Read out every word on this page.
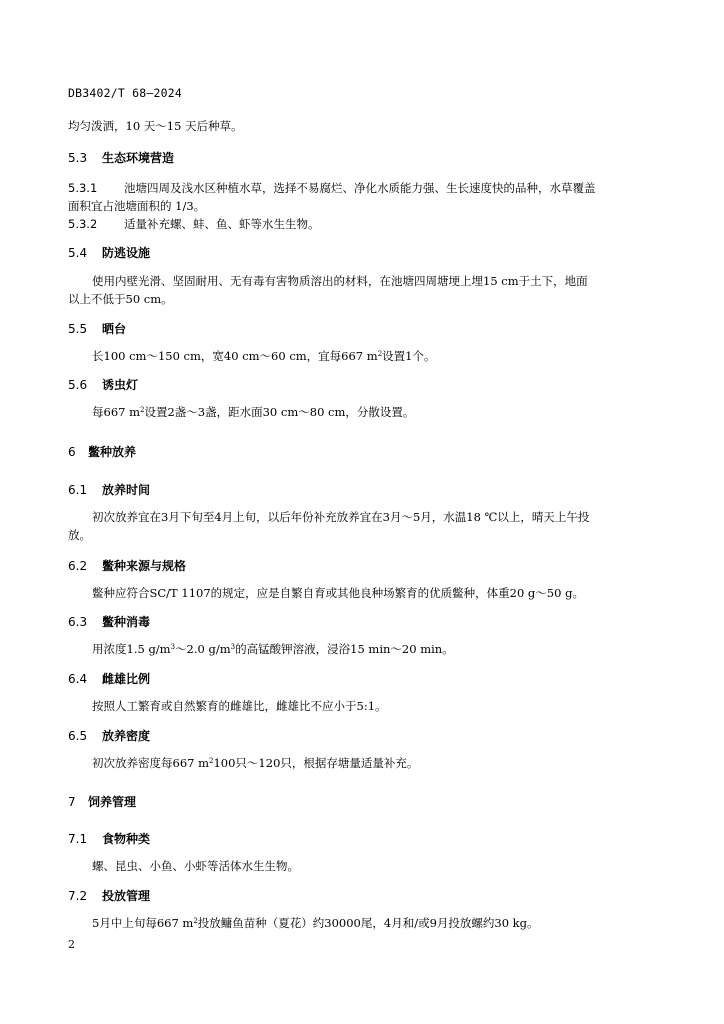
DB3402/T 68—2024
均匀泼洒，10 天～15 天后种草。
5.3 生态环境营造
5.3.1 池塘四周及浅水区种植水草，选择不易腐烂、净化水质能力强、生长速度快的品种，水草覆盖
面积宜占池塘面积的 1/3。
5.3.2 适量补充螺、蚌、鱼、虾等水生生物。
5.4 防逃设施
使用内壁光滑、坚固耐用、无有毒有害物质溶出的材料，在池塘四周塘埂上埋15 cm于土下，地面
以上不低于50 cm。
5.5 晒台
长100 cm～150 cm，宽40 cm～60 cm，宜每667 $m^2$设置1个。
5.6 诱虫灯
每667 $m^2$设置2盏～3盏，距水面30 cm～80 cm，分散设置。
6 鳖种放养
6.1 放养时间
初次放养宜在3月下旬至4月上旬，以后年份补充放养宜在3月～5月，水温18 ℃以上，晴天上午投
放。
6.2 鳖种来源与规格
鳖种应符合SC/T 1107的规定，应是自繁自育或其他良种场繁育的优质鳖种，体重20 g～50 g。
6.3 鳖种消毒
用浓度1.5 $g/m^3\sim 2.0$ $g/m^3$的高锰酸钾溶液，浸浴15 min～20 min。
6.4 雌雄比例
按照人工繁育或自然繁育的雌雄比，雌雄比不应小于5:1。
6.5 放养密度
初次放养密度每667 $m^2100$只～120只，根据存塘量适量补充。
7 饲养管理
7.1 食物种类
螺、昆虫、小鱼、小虾等活体水生生物。
7.2 投放管理
5月中上旬每667 $m^2$投放鳙鱼苗种（夏花）约30000尾，4月和/或9月投放螺约30 kg。
2
